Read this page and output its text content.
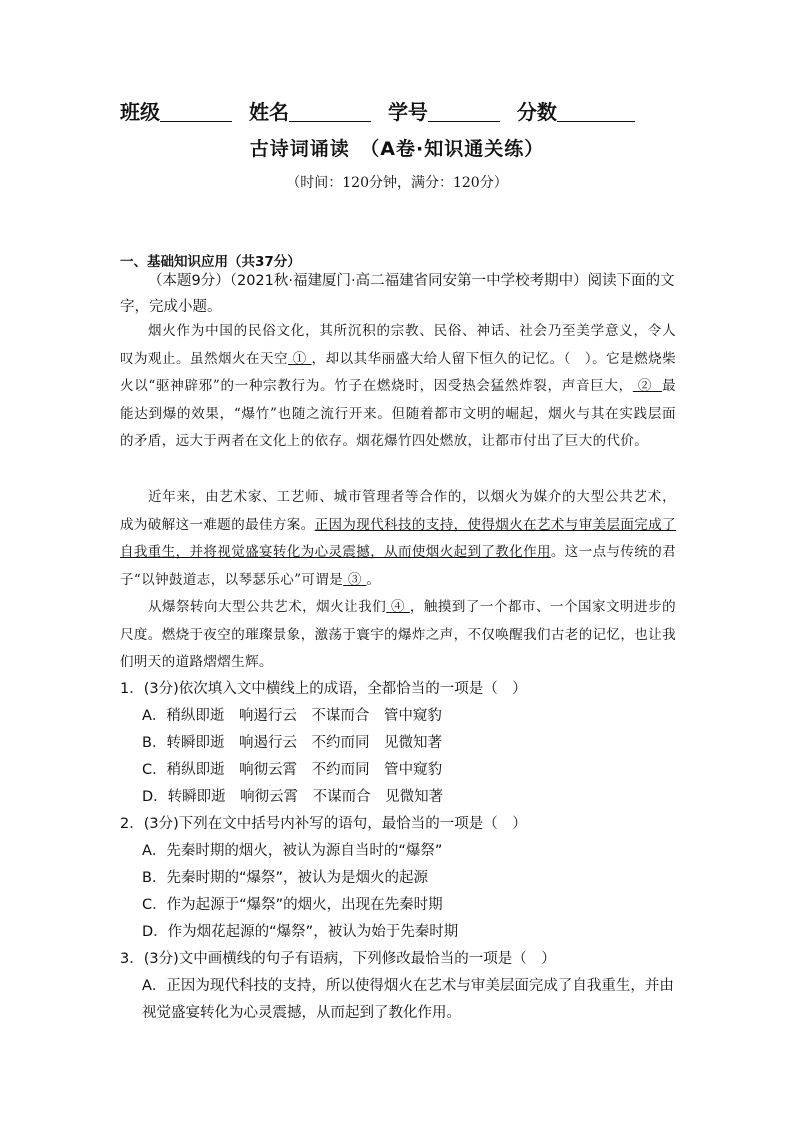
班级	姓名	学号	分数
古诗词诵读　（A卷·知识通关练）
（时间：120分钟，满分：120分）
一、基础知识应用（共37分）
（本题9分）（2021秋·福建厦门·高二福建省同安第一中学校考期中）阅读下面的文字，完成小题。
烟火作为中国的民俗文化，其所沉积的宗教、民俗、神话、社会乃至美学意义，令人叹为观止。虽然烟火在天空 ① ，却以其华丽盛大给人留下恒久的记忆。（　）。它是燃烧柴火以“驱神辟邪”的一种宗教行为。竹子在燃烧时，因受热会猛然炸裂，声音巨大， ② 最能达到爆的效果，“爆竹”也随之流行开来。但随着都市文明的崛起，烟火与其在实践层面的矛盾，远大于两者在文化上的依存。烟花爆竹四处燃放，让都市付出了巨大的代价。
近年来，由艺术家、工艺师、城市管理者等合作的，以烟火为媒介的大型公共艺术，成为破解这一难题的最佳方案。正因为现代科技的支持，使得烟火在艺术与审美层面完成了自我重生，并将视觉盛宴转化为心灵震撼，从而使烟火起到了教化作用。这一点与传统的君子“以钟鼓道志，以琴瑟乐心”可谓是 ③ 。
从爆祭转向大型公共艺术，烟火让我们 ④ ，触摸到了一个都市、一个国家文明进步的尺度。燃烧于夜空的璀璨景象，激荡于寰宇的爆炸之声，不仅唤醒我们古老的记忆，也让我们明天的道路熠熠生辉。
1．(3分)依次填入文中横线上的成语，全都恰当的一项是（　）
A．稍纵即逝　响遏行云　不谋而合　管中窥豹
B．转瞬即逝　响遏行云　不约而同　见微知著
C．稍纵即逝　响彻云霄　不约而同　管中窥豹
D．转瞬即逝　响彻云霄　不谋而合　见微知著
2．(3分)下列在文中括号内补写的语句，最恰当的一项是（　）
A．先秦时期的烟火，被认为源自当时的“爆祭”
B．先秦时期的“爆祭”，被认为是烟火的起源
C．作为起源于“爆祭”的烟火，出现在先秦时期
D．作为烟花起源的“爆祭”，被认为始于先秦时期
3．(3分)文中画横线的句子有语病，下列修改最恰当的一项是（　）
A．正因为现代科技的支持，所以使得烟火在艺术与审美层面完成了自我重生，并由视觉盛宴转化为心灵震撼，从而起到了教化作用。
